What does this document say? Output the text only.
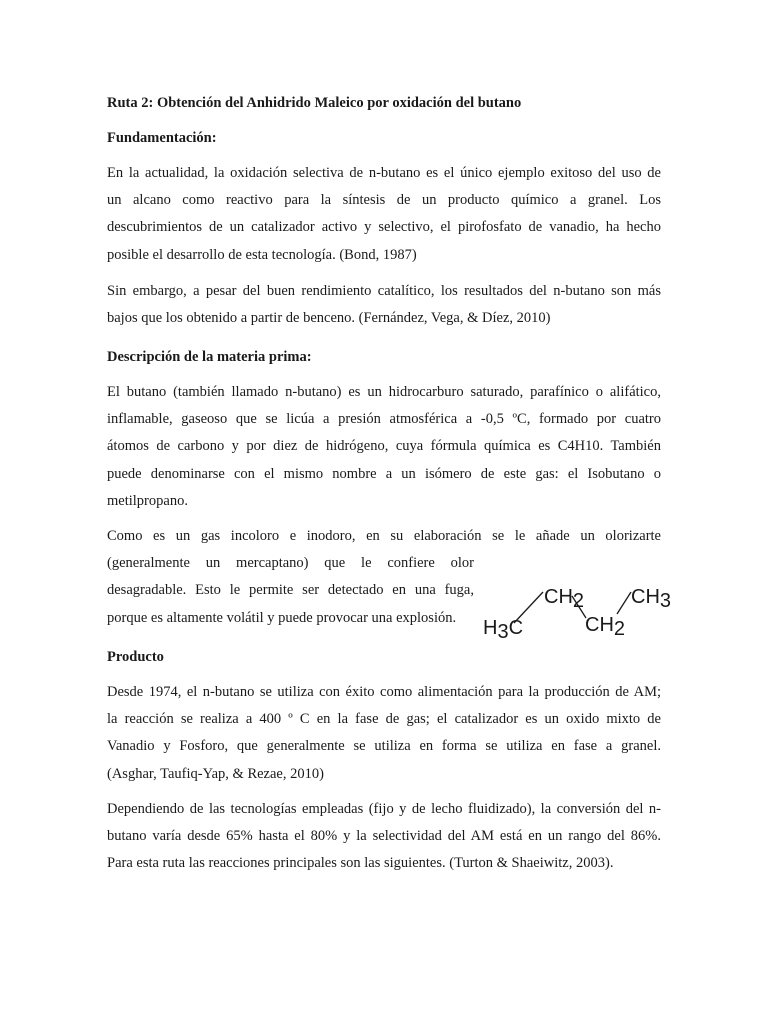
Ruta 2: Obtención del Anhidrido Maleico por oxidación del butano
Fundamentación:
En la actualidad, la oxidación selectiva de n-butano es el único ejemplo exitoso del uso de
un alcano como reactivo para la síntesis de un producto químico a granel. Los
descubrimientos de un catalizador activo y selectivo, el pirofosfato de vanadio, ha hecho
posible el desarrollo de esta tecnología. (Bond, 1987)
Sin embargo, a pesar del buen rendimiento catalítico, los resultados del n-butano son más
bajos que los obtenido a partir de benceno. (Fernández, Vega, & Díez, 2010)
Descripción de la materia prima:
El butano (también llamado n-butano) es un hidrocarburo saturado, parafínico o alifático,
inflamable, gaseoso que se licúa a presión atmosférica a -0,5 ºC, formado por cuatro
átomos de carbono y por diez de hidrógeno, cuya fórmula química es C4H10. También
puede denominarse con el mismo nombre a un isómero de este gas: el Isobutano o
metilpropano.
Como es un gas incoloro e inodoro, en su elaboración se le añade un olorizarte
(generalmente un mercaptano) que le confiere olor
desagradable. Esto le permite ser detectado en una fuga,
porque es altamente volátil y puede provocar una explosión.	H3C
CH2
CH2
CH3
Producto
Desde 1974, el n-butano se utiliza con éxito como alimentación para la producción de AM;
la reacción se realiza a 400 º C en la fase de gas; el catalizador es un oxido mixto de
Vanadio y Fosforo, que generalmente se utiliza en forma se utiliza en fase a granel.
(Asghar, Taufiq-Yap, & Rezae, 2010)
Dependiendo de las tecnologías empleadas (fijo y de lecho fluidizado), la conversión del n-
butano varía desde 65% hasta el 80% y la selectividad del AM está en un rango del 86%.
Para esta ruta las reacciones principales son las siguientes. (Turton & Shaeiwitz, 2003).
